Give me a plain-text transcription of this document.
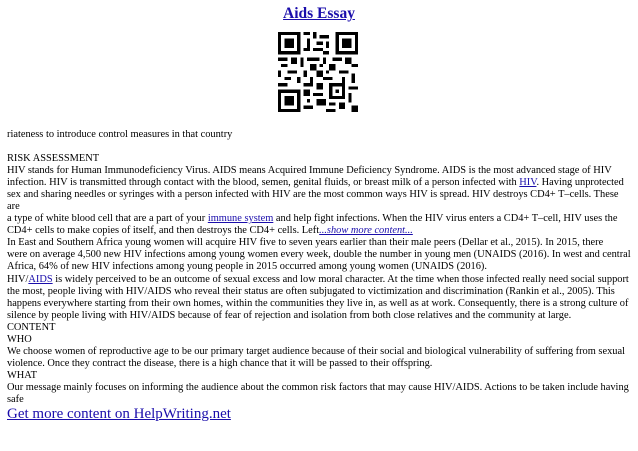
Aids Essay

riateness to introduce control measures in that country

RISK ASSESSMENT

HIV stands for Human Immunodeficiency Virus. AIDS means Acquired Immune Deficiency Syndrome. AIDS is the most advanced stage of HIV

infection. HIV is transmitted through contact with the blood, semen, genital fluids, or breast milk of a person infected with HIV. Having unprotected

sex and sharing needles or syringes with a person infected with HIV are the most common ways HIV is spread. HIV destroys CD4+ T–cells. These are

a type of white blood cell that are a part of your immune system and help fight infections. When the HIV virus enters a CD4+ T–cell, HIV uses the

CD4+ cells to make copies of itself, and then destroys the CD4+ cells. Left...show more content...

In East and Southern Africa young women will acquire HIV five to seven years earlier than their male peers (Dellar et al., 2015). In 2015, there

were on average 4,500 new HIV infections among young women every week, double the number in young men (UNAIDS (2016). In west and central

Africa, 64% of new HIV infections among young people in 2015 occurred among young women (UNAIDS (2016).

HIV/AIDS is widely perceived to be an outcome of sexual excess and low moral character. At the time when those infected really need social support

the most, people living with HIV/AIDS who reveal their status are often subjugated to victimization and discrimination (Rankin et al., 2005). This

happens everywhere starting from their own homes, within the communities they live in, as well as at work. Consequently, there is a strong culture of

silence by people living with HIV/AIDS because of fear of rejection and isolation from both close relatives and the community at large.

CONTENT

WHO

We choose women of reproductive age to be our primary target audience because of their social and biological vulnerability of suffering from sexual

violence. Once they contract the disease, there is a high chance that it will be passed to their offspring.

WHAT

Our message mainly focuses on informing the audience about the common risk factors that may cause HIV/AIDS. Actions to be taken include having

safe

Get more content on HelpWriting.net
